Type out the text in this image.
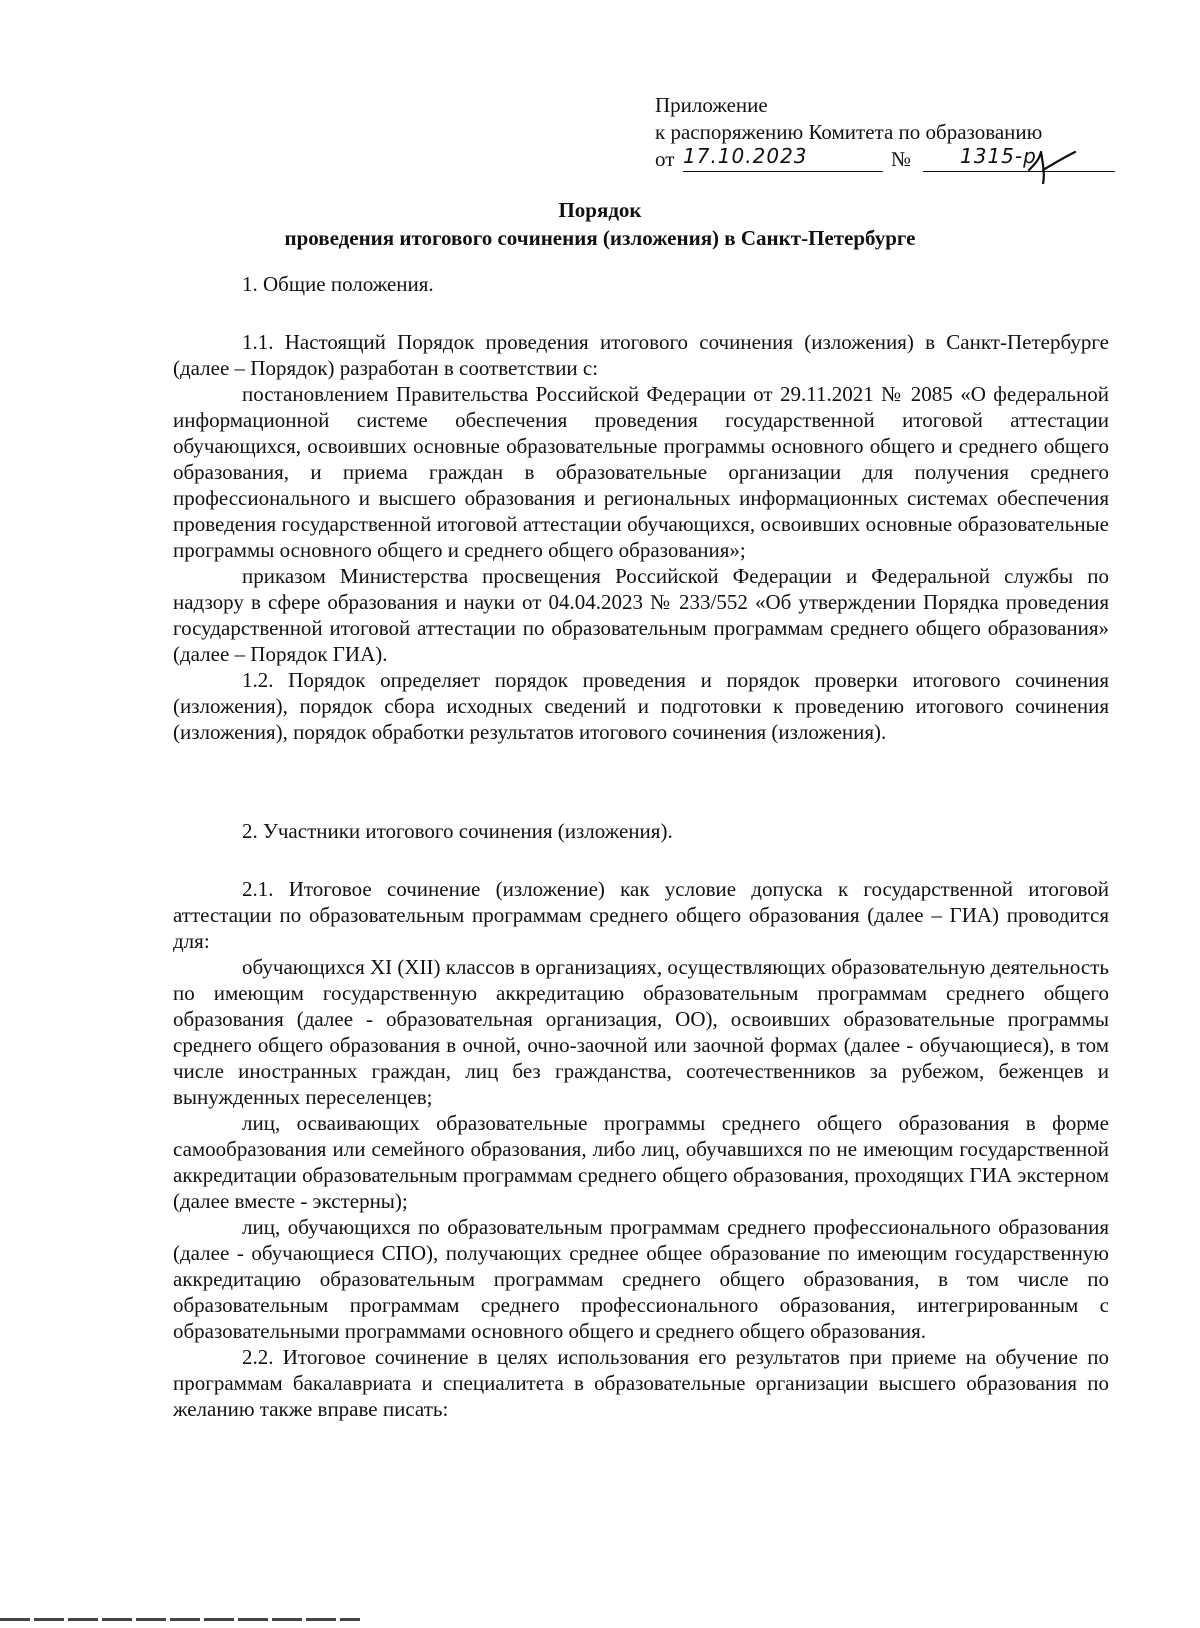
Приложение
к распоряжению Комитета по образованию
от 17.10.2023	№ 1315-р
Порядок
проведения итогового сочинения (изложения) в Санкт-Петербурге

1. Общие положения.

1.1. Настоящий Порядок проведения итогового сочинения (изложения) в Санкт-Петербурге (далее – Порядок) разработан в соответствии с:

постановлением Правительства Российской Федерации от 29.11.2021 № 2085 «О федеральной информационной системе обеспечения проведения государственной итоговой аттестации обучающихся, освоивших основные образовательные программы основного общего и среднего общего образования, и приема граждан в образовательные организации для получения среднего профессионального и высшего образования и региональных информационных системах обеспечения проведения государственной итоговой аттестации обучающихся, освоивших основные образовательные программы основного общего и среднего общего образования»;

приказом Министерства просвещения Российской Федерации и Федеральной службы по надзору в сфере образования и науки от 04.04.2023 № 233/552 «Об утверждении Порядка проведения государственной итоговой аттестации по образовательным программам среднего общего образования» (далее – Порядок ГИА).

1.2. Порядок определяет порядок проведения и порядок проверки итогового сочинения (изложения), порядок сбора исходных сведений и подготовки к проведению итогового сочинения (изложения), порядок обработки результатов итогового сочинения (изложения).

2. Участники итогового сочинения (изложения).

2.1. Итоговое сочинение (изложение) как условие допуска к государственной итоговой аттестации по образовательным программам среднего общего образования (далее – ГИА) проводится для:

обучающихся XI (XII) классов в организациях, осуществляющих образовательную деятельность по имеющим государственную аккредитацию образовательным программам среднего общего образования (далее - образовательная организация, ОО), освоивших образовательные программы среднего общего образования в очной, очно-заочной или заочной формах (далее - обучающиеся), в том числе иностранных граждан, лиц без гражданства, соотечественников за рубежом, беженцев и вынужденных переселенцев;

лиц, осваивающих образовательные программы среднего общего образования в форме самообразования или семейного образования, либо лиц, обучавшихся по не имеющим государственной аккредитации образовательным программам среднего общего образования, проходящих ГИА экстерном (далее вместе - экстерны);

лиц, обучающихся по образовательным программам среднего профессионального образования (далее - обучающиеся СПО), получающих среднее общее образование по имеющим государственную аккредитацию образовательным программам среднего общего образования, в том числе по образовательным программам среднего профессионального образования, интегрированным с образовательными программами основного общего и среднего общего образования.

2.2. Итоговое сочинение в целях использования его результатов при приеме на обучение по программам бакалавриата и специалитета в образовательные организации высшего образования по желанию также вправе писать:
